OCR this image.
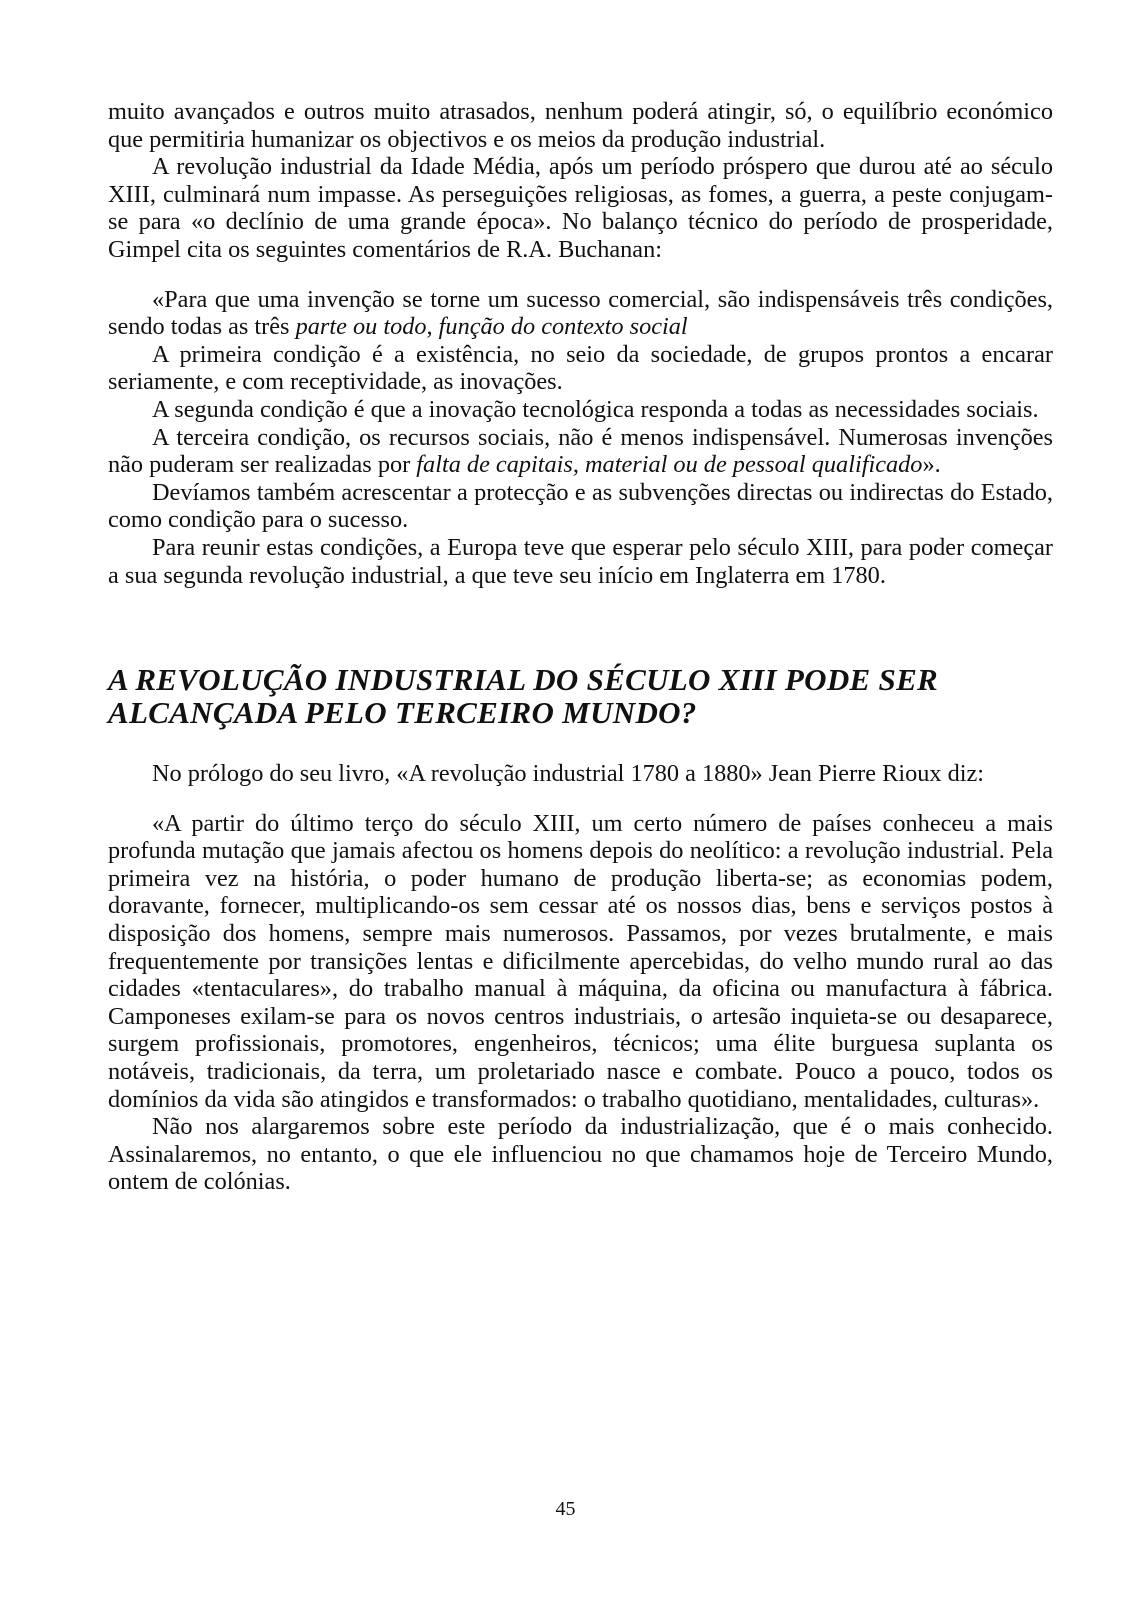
muito avançados e outros muito atrasados, nenhum poderá atingir, só, o equilíbrio económico que permitiria humanizar os objectivos e os meios da produção industrial.

A revolução industrial da Idade Média, após um período próspero que durou até ao século XIII, culminará num impasse. As perseguições religiosas, as fomes, a guerra, a peste conjugam-se para «o declínio de uma grande época». No balanço técnico do período de prosperidade, Gimpel cita os seguintes comentários de R.A. Buchanan:

«Para que uma invenção se torne um sucesso comercial, são indispensáveis três condições, sendo todas as três parte ou todo, função do contexto social

A primeira condição é a existência, no seio da sociedade, de grupos prontos a encarar seriamente, e com receptividade, as inovações.

A segunda condição é que a inovação tecnológica responda a todas as necessidades sociais.

A terceira condição, os recursos sociais, não é menos indispensável. Numerosas invenções não puderam ser realizadas por falta de capitais, material ou de pessoal qualificado».

Devíamos também acrescentar a protecção e as subvenções directas ou indirectas do Estado, como condição para o sucesso.

Para reunir estas condições, a Europa teve que esperar pelo século XIII, para poder começar a sua segunda revolução industrial, a que teve seu início em Inglaterra em 1780.

A REVOLUÇÃO INDUSTRIAL DO SÉCULO XIII PODE SER
ALCANÇADA PELO TERCEIRO MUNDO?

No prólogo do seu livro, «A revolução industrial 1780 a 1880» Jean Pierre Rioux diz:

«A partir do último terço do século XIII, um certo número de países conheceu a mais profunda mutação que jamais afectou os homens depois do neolítico: a revolução industrial. Pela primeira vez na história, o poder humano de produção liberta-se; as economias podem, doravante, fornecer, multiplicando-os sem cessar até os nossos dias, bens e serviços postos à disposição dos homens, sempre mais numerosos. Passamos, por vezes brutalmente, e mais frequentemente por transições lentas e dificilmente apercebidas, do velho mundo rural ao das cidades «tentaculares», do trabalho manual à máquina, da oficina ou manufactura à fábrica. Camponeses exilam-se para os novos centros industriais, o artesão inquieta-se ou desaparece, surgem profissionais, promotores, engenheiros, técnicos; uma élite burguesa suplanta os notáveis, tradicionais, da terra, um proletariado nasce e combate. Pouco a pouco, todos os domínios da vida são atingidos e transformados: o trabalho quotidiano, mentalidades, culturas».

Não nos alargaremos sobre este período da industrialização, que é o mais conhecido. Assinalaremos, no entanto, o que ele influenciou no que chamamos hoje de Terceiro Mundo, ontem de colónias.

45
